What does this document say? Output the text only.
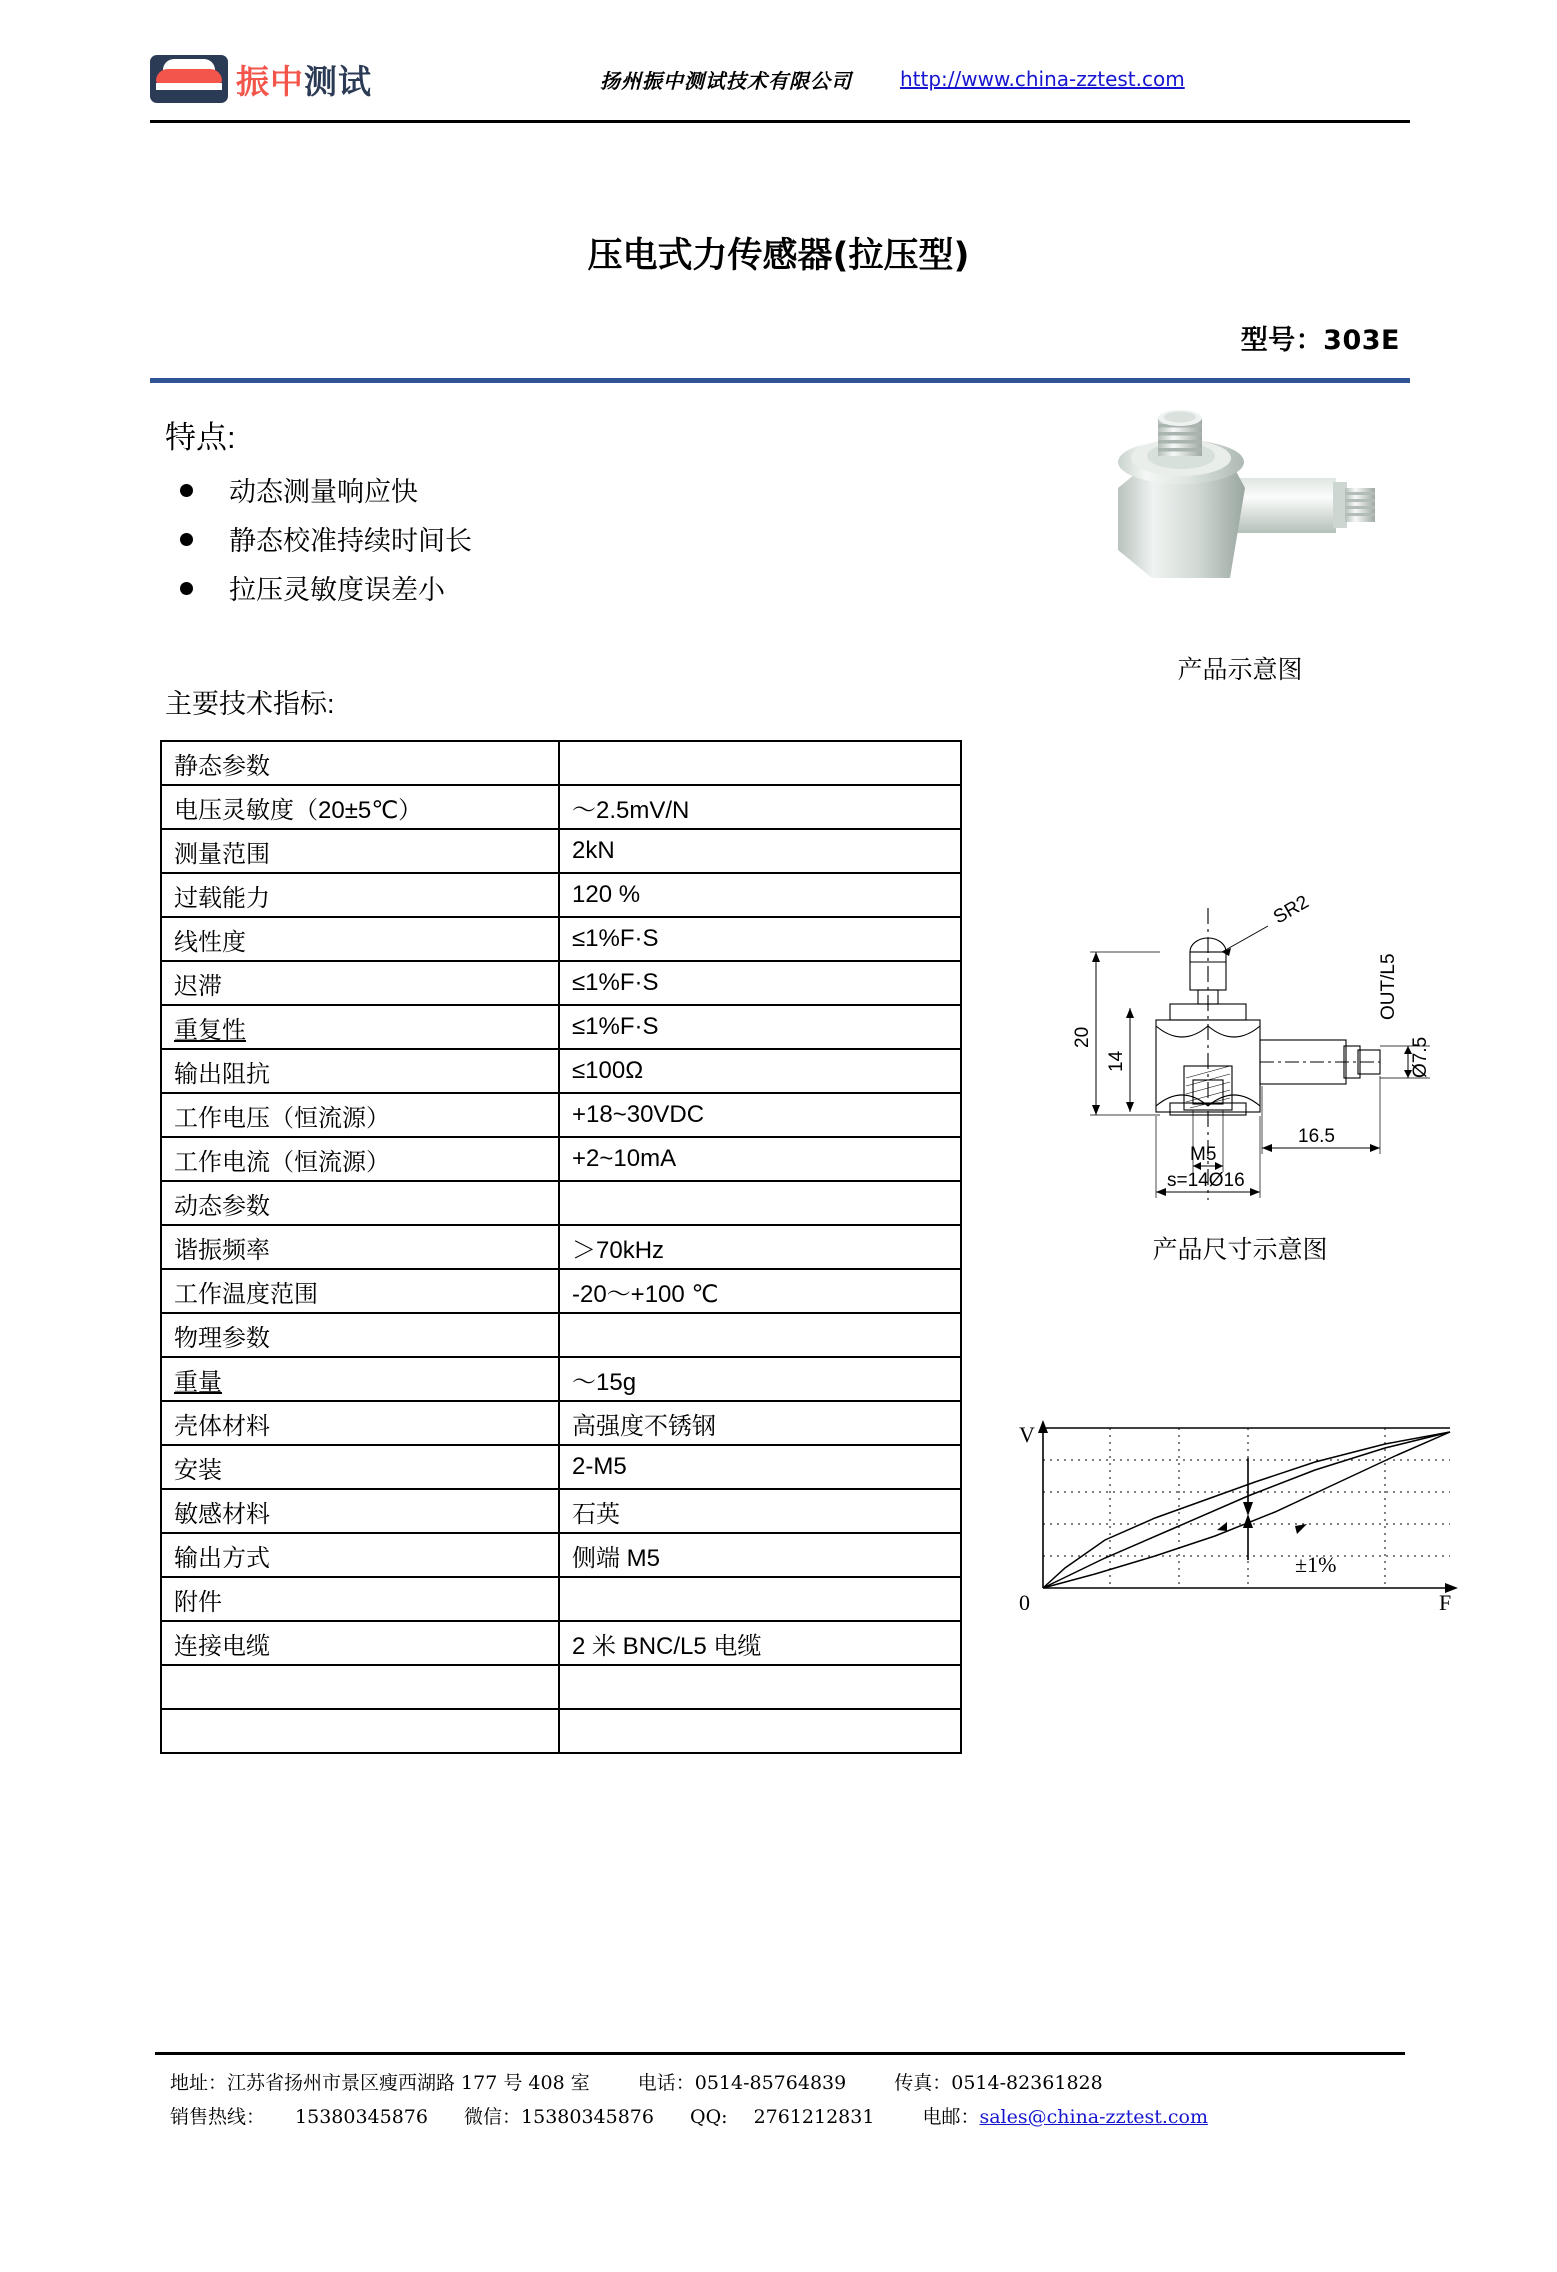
振中测试	扬州振中测试技术有限公司 http://www.china-zztest.com
压电式力传感器(拉压型)
型号：303E
特点:
动态测量响应快
静态校准持续时间长
拉压灵敏度误差小
主要技术指标:
静态参数	
电压灵敏度（20±5℃）	～2.5mV/N
测量范围	2kN
过载能力	120 %
线性度	≤1%F·S
迟滞	≤1%F·S
重复性	≤1%F·S
输出阻抗	≤100Ω
工作电压（恒流源）	+18~30VDC
工作电流（恒流源）	+2~10mA
动态参数	
谐振频率	＞70kHz
工作温度范围	-20～+100 ℃
物理参数	
重量	～15g
壳体材料	高强度不锈钢
安装	2-M5
敏感材料	石英
输出方式	侧端 M5
附件	
连接电缆	2 米 BNC/L5 电缆

产品示意图
SR2
20
14
OUT/L5
Ø7.5
16.5
M5
s=14Ø16
产品尺寸示意图
V
0	F
±1%
地址： 江苏省扬州市景区瘦西湖路 177 号 408 室	电话： 0514-85764839	传真： 0514-82361828
销售热线： 15380345876 微信： 15380345876 QQ: 2761212831	电邮： sales@china-zztest.com
